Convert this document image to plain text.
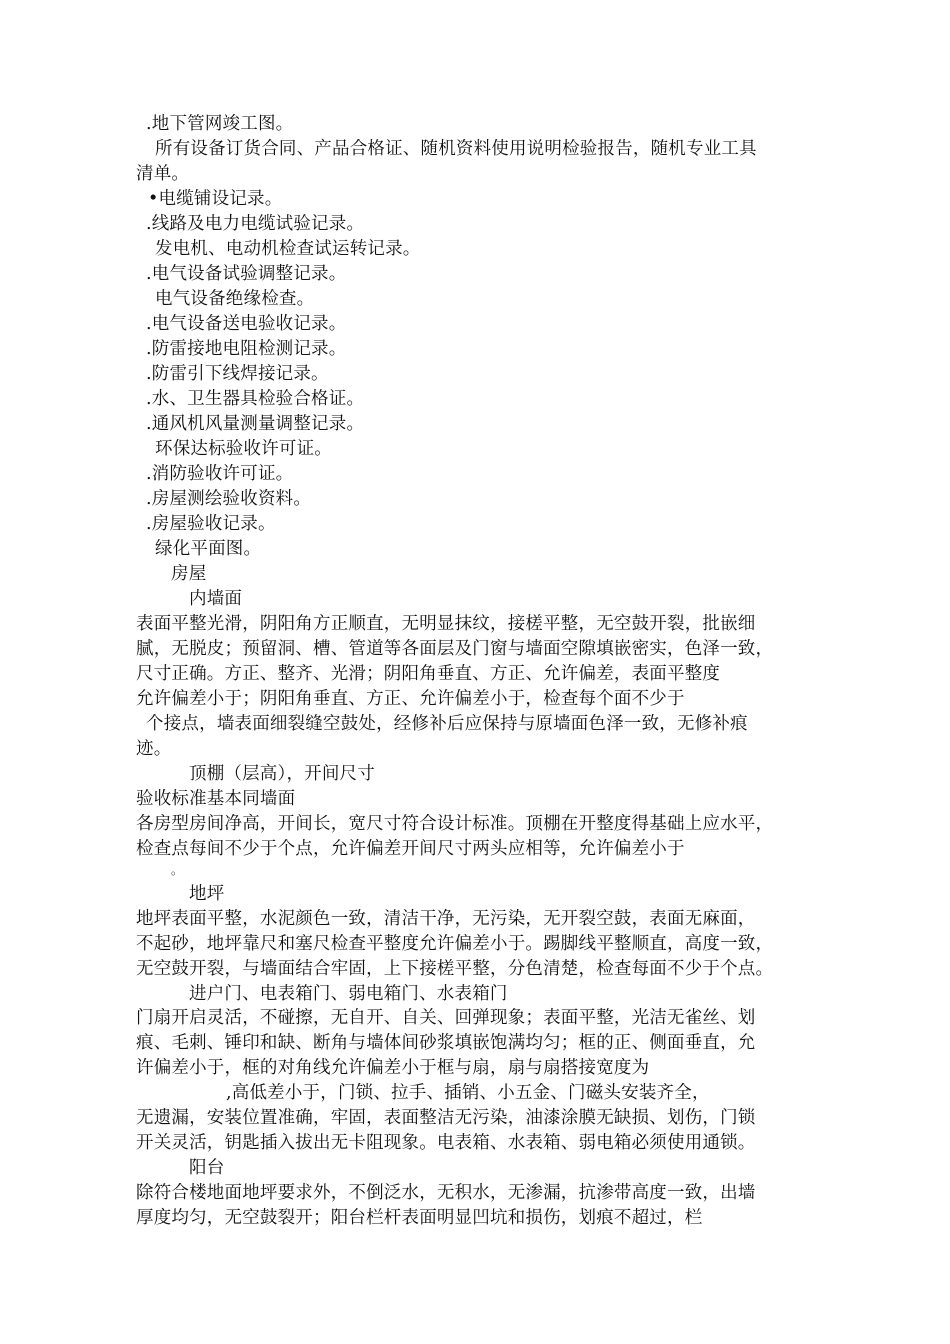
.地下管网竣工图。
所有设备订货合同、产品合格证、随机资料使用说明检验报告，随机专业工具
清单。
•电缆铺设记录。
.线路及电力电缆试验记录。
发电机、电动机检查试运转记录。
.电气设备试验调整记录。
电气设备绝缘检查。
.电气设备送电验收记录。
.防雷接地电阻检测记录。
.防雷引下线焊接记录。
.水、卫生器具检验合格证。
.通风机风量测量调整记录。
环保达标验收许可证。
.消防验收许可证。
.房屋测绘验收资料。
.房屋验收记录。
绿化平面图。
房屋
内墙面
表面平整光滑，阴阳角方正顺直，无明显抹纹，接槎平整，无空鼓开裂，批嵌细
腻，无脱皮；预留洞、槽、管道等各面层及门窗与墙面空隙填嵌密实，色泽一致，
尺寸正确。方正、整齐、光滑；阴阳角垂直、方正、允许偏差，表面平整度
允许偏差小于；阴阳角垂直、方正、允许偏差小于，检查每个面不少于
个接点，墙表面细裂缝空鼓处，经修补后应保持与原墙面色泽一致，无修补痕
迹。
顶棚（层高），开间尺寸
验收标准基本同墙面
各房型房间净高，开间长，宽尺寸符合设计标准。顶棚在开整度得基础上应水平，
检查点每间不少于个点，允许偏差开间尺寸两头应相等，允许偏差小于
。
地坪
地坪表面平整，水泥颜色一致，清洁干净，无污染，无开裂空鼓，表面无麻面，
不起砂，地坪靠尺和塞尺检查平整度允许偏差小于。踢脚线平整顺直，高度一致，
无空鼓开裂，与墙面结合牢固，上下接槎平整，分色清楚，检查每面不少于个点。
进户门、电表箱门、弱电箱门、水表箱门
门扇开启灵活，不碰擦，无自开、自关、回弹现象；表面平整，光洁无雀丝、划
痕、毛刺、锤印和缺、断角与墙体间砂浆填嵌饱满均匀；框的正、侧面垂直，允
许偏差小于，框的对角线允许偏差小于框与扇，扇与扇搭接宽度为
,高低差小于，门锁、拉手、插销、小五金、门磁头安装齐全，
无遗漏，安装位置准确，牢固，表面整洁无污染，油漆涂膜无缺损、划伤，门锁
开关灵活，钥匙插入拔出无卡阻现象。电表箱、水表箱、弱电箱必须使用通锁。
阳台
除符合楼地面地坪要求外，不倒泛水，无积水，无渗漏，抗渗带高度一致，出墙
厚度均匀，无空鼓裂开；阳台栏杆表面明显凹坑和损伤，划痕不超过，栏
